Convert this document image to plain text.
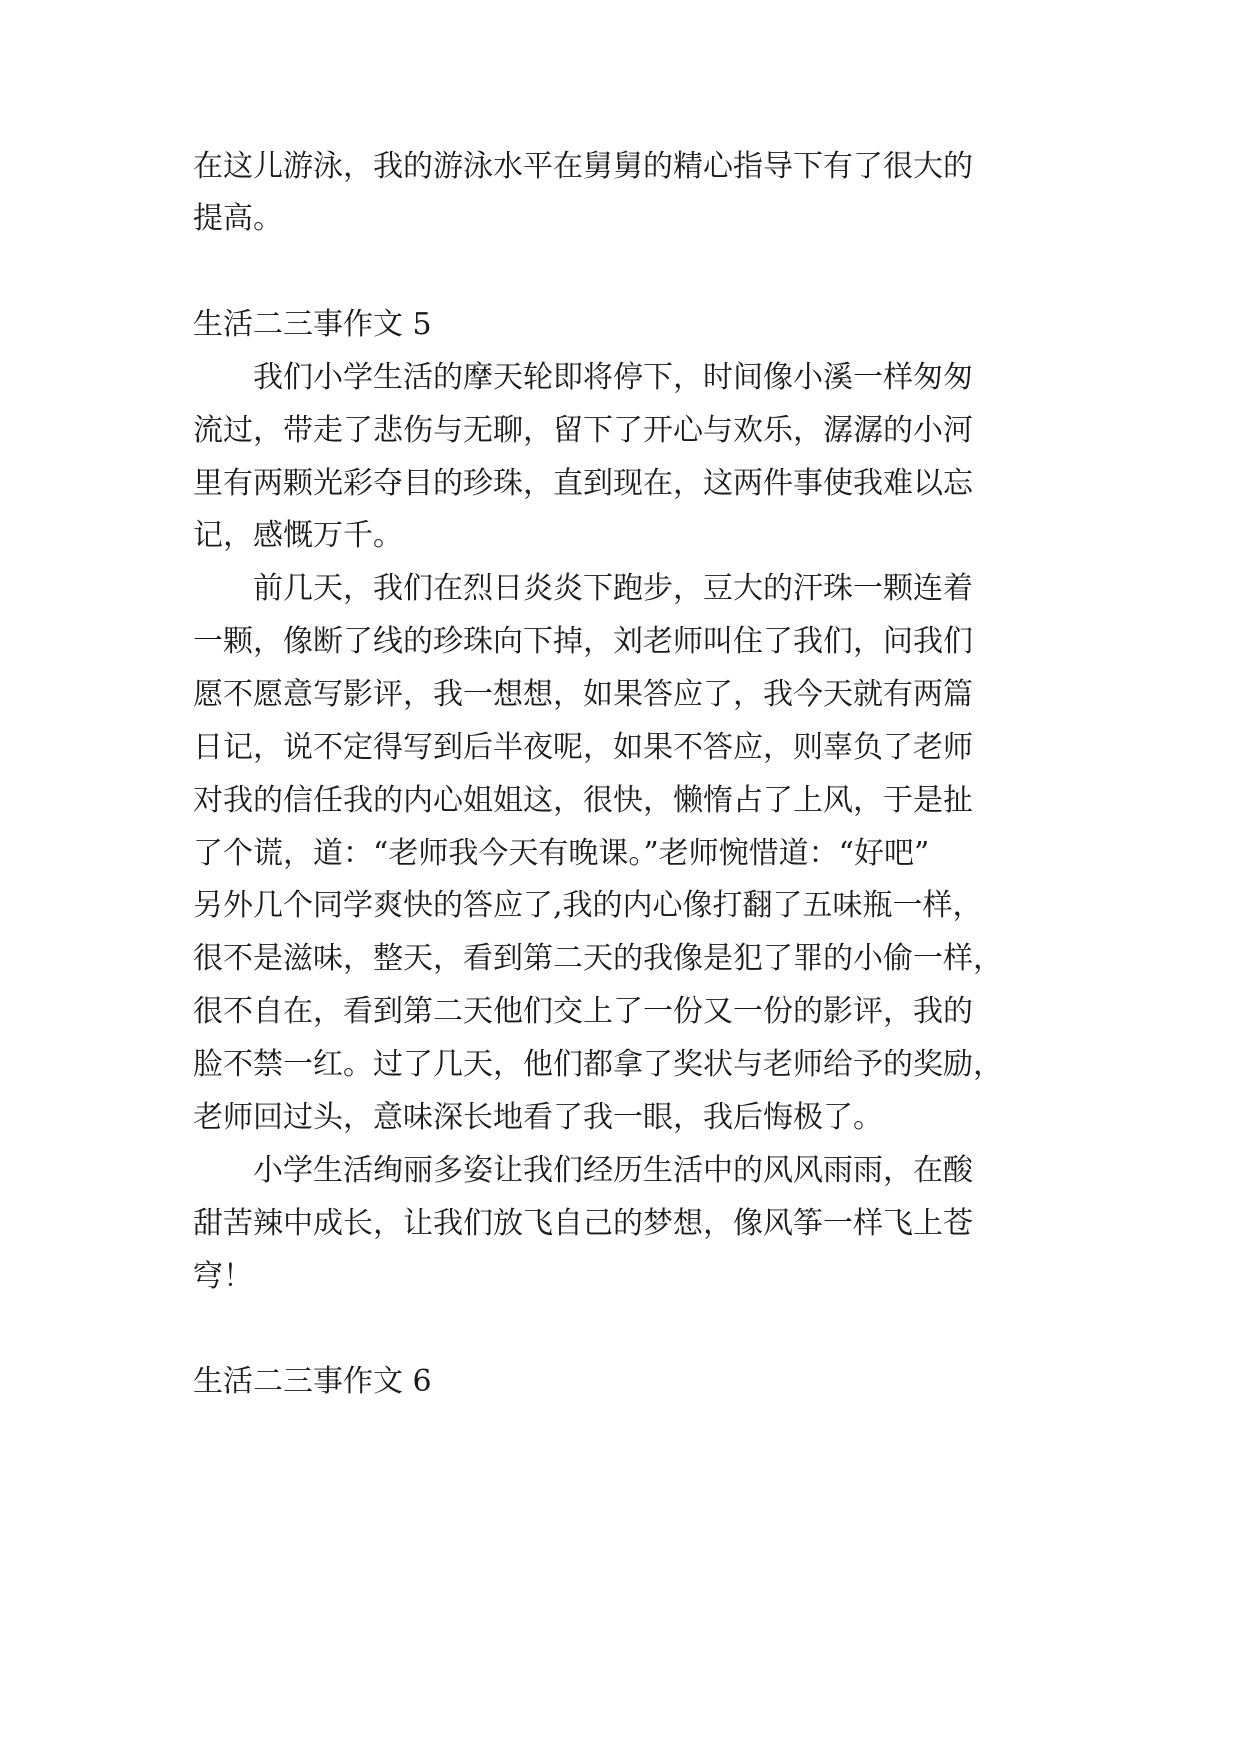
在这儿游泳，我的游泳水平在舅舅的精心指导下有了很大的
提高。
生活二三事作文 5
我们小学生活的摩天轮即将停下，时间像小溪一样匆匆
流过，带走了悲伤与无聊，留下了开心与欢乐，潺潺的小河
里有两颗光彩夺目的珍珠，直到现在，这两件事使我难以忘
记，感慨万千。
前几天，我们在烈日炎炎下跑步，豆大的汗珠一颗连着
一颗，像断了线的珍珠向下掉，刘老师叫住了我们，问我们
愿不愿意写影评，我一想想，如果答应了，我今天就有两篇
日记，说不定得写到后半夜呢，如果不答应，则辜负了老师
对我的信任我的内心姐姐这，很快，懒惰占了上风，于是扯
了个谎，道：“老师我今天有晚课。”老师惋惜道：“好吧”
另外几个同学爽快的答应了,我的内心像打翻了五味瓶一样，
很不是滋味，整天，看到第二天的我像是犯了罪的小偷一样，
很不自在，看到第二天他们交上了一份又一份的影评，我的
脸不禁一红。过了几天，他们都拿了奖状与老师给予的奖励，
老师回过头，意味深长地看了我一眼，我后悔极了。
小学生活绚丽多姿让我们经历生活中的风风雨雨，在酸
甜苦辣中成长，让我们放飞自己的梦想，像风筝一样飞上苍
穹！
生活二三事作文 6
